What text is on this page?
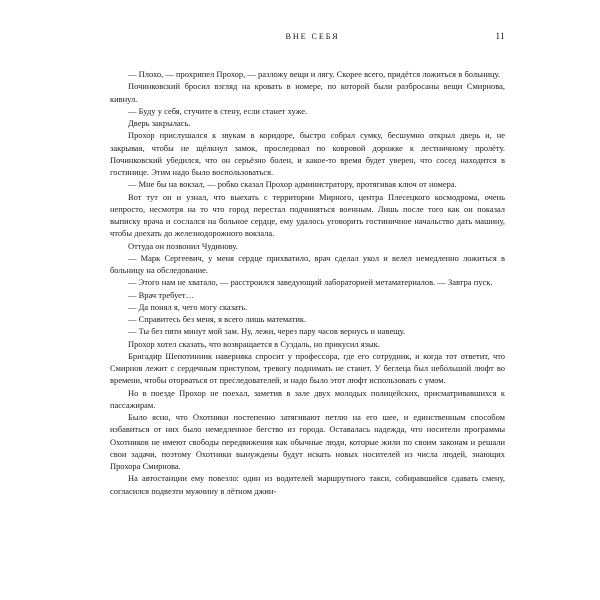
ВНЕ СЕБЯ	11

— Плохо, — прохрипел Прохор, — разложу вещи и лягу. Скорее всего, придётся ложиться в больницу.

Починковский бросил взгляд на кровать в номере, по которой были разбросаны вещи Смирнова, кивнул.

— Буду у себя, стучите в стену, если станет хуже.

Дверь закрылась.

Прохор прислушался к звукам в коридоре, быстро собрал сумку, бесшумно открыл дверь и, не закрывая, чтобы не щёлкнул замок, проследовал по ковровой дорожке к лестничному пролёту. Починковский убедился, что он серьёзно болен, и какое-то время будет уверен, что сосед находится в гостинице. Этим надо было воспользоваться.

— Мне бы на вокзал, — робко сказал Прохор администратору, протягивая ключ от номера.

Вот тут он и узнал, что выехать с территории Мирного, центра Плесецкого космодрома, очень непросто, несмотря на то что город перестал подчиняться военным. Лишь после того как он показал выписку врача и сослался на больное сердце, ему удалось уговорить гостиничное начальство дать машину, чтобы доехать до железнодорожного вокзала.

Оттуда он позвонил Чудинову.

— Марк Сергеевич, у меня сердце прихватило, врач сделал укол и велел немедленно ложиться в больницу на обследование.

— Этого нам не хватало, — расстроился заведующий лабораторией метаматериалов. — Завтра пуск.

— Врач требует…

— Да понял я, чего могу сказать.

— Справитесь без меня, я всего лишь математик.

— Ты без пяти минут мой зам. Ну, лежи, через пару часов вернусь и навещу.

Прохор хотел сказать, что возвращается в Суздаль, но прикусил язык.

Бригадир Шепотинник наверняка спросит у профессора, где его сотрудник, и когда тот ответит, что Смирнов лежит с сердечным приступом, тревогу поднимать не станет. У беглеца был небольшой люфт во времени, чтобы оторваться от преследователей, и надо было этот люфт использовать с умом.

Но в поезде Прохор не поехал, заметив в зале двух молодых полицейских, присматривавшихся к пассажирам.

Было ясно, что Охотники постепенно затягивают петлю на его шее, и единственным способом избавиться от них было немедленное бегство из города. Оставалась надежда, что носители программы Охотников не имеют свободы передвижения как обычные люди, которые жили по своим законам и решали свои задачи, поэтому Охотники вынуждены будут искать новых носителей из числа людей, знающих Прохора Смирнова.

На автостанции ему повезло: один из водителей маршрутного такси, собиравшийся сдавать смену, согласился подвезти мужчину в лётном джин-
